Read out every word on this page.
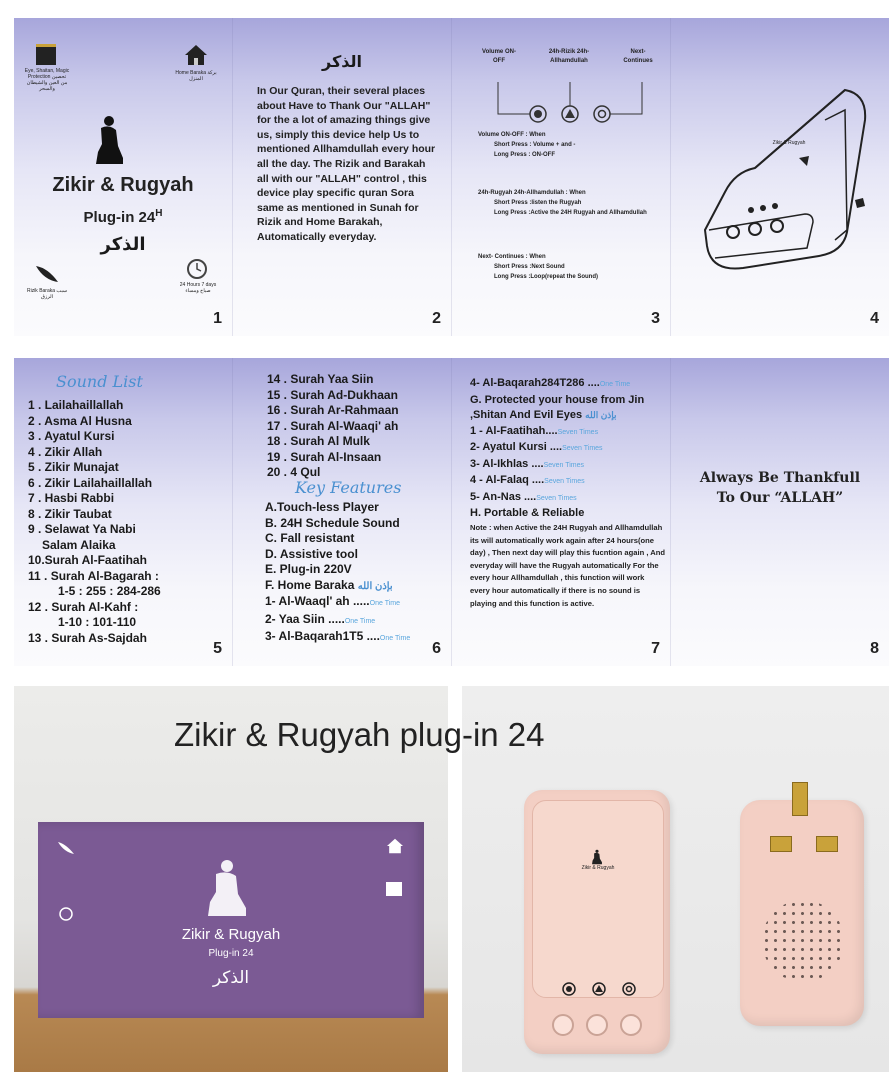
Eye, Shaitan, Magic Protection تحصين من العين والشيطان والسحر
Home Baraka بركة المنزل
Zikir & Rugyah
Plug-in $24^H$
الذكر
Rizik Baraka سبب الرزق
24 Hours 7 days صباح ومساء
1
الذكر
In Our Quran, their several places about Have to Thank Our "ALLAH" for the a lot of amazing things give us, simply this device help Us to mentioned Allhamdullah every hour all the day. The Rizik and Barakah all with our "ALLAH" control , this device play specific quran Sora same as mentioned in Sunah for Rizik and Home Barakah, Automatically everyday.
2
Volume ON-OFF
24h-Rizik 24h-Allhamdullah
Next- Continues
Volume ON-OFF : When
Short Press : Volume + and -
Long Press : ON-OFF
24h-Rugyah 24h-Allhamdullah : When
Short Press :listen the Rugyah
Long Press :Active the 24H Rugyah and Allhamdullah
Next- Continues : When
Short Press :Next Sound
Long Press :Loop(repeat the Sound)
3
Zikir & Rugyah
4
Sound List
1 . Lailahaillallah
2 . Asma Al Husna
3 . Ayatul Kursi
4 . Zikir Allah
5 . Zikir Munajat
6 . Zikir Lailahaillallah
7 . Hasbi Rabbi
8 . Zikir Taubat
9 . Selawat Ya Nabi
Salam Alaika
10.Surah Al-Faatihah
11 . Surah Al-Bagarah :
1-5 : 255 : 284-286
12 . Surah Al-Kahf :
1-10 : 101-110
13 . Surah As-Sajdah
5
14 . Surah Yaa Siin
15 . Surah Ad-Dukhaan
16 . Surah Ar-Rahmaan
17 . Surah Al-Waaqi' ah
18 . Surah Al Mulk
19 . Surah Al-Insaan
20 . 4 Qul
Key Features
A.Touch-less Player
B. 24H Schedule Sound
C. Fall resistant
D. Assistive tool
E. Plug-in 220V
F. Home Baraka بإذن الله
1- Al-Waaql' ah .....One Time
2- Yaa Siin .....One Time
3- Al-Baqarah1T5 ....One Time
6
4- Al-Baqarah284T286 ....One Time
G. Protected your house from Jin
,Shitan And Evil Eyes بإذن الله
1 - Al-Faatihah....Seven Times
2- Ayatul Kursi ....Seven Times
3- Al-Ikhlas ....Seven Times
4 - Al-Falaq ....Seven Times
5- An-Nas ....Seven Times
H. Portable & Reliable
Note : when Active the 24H Rugyah and Allhamdullah its will automatically work again after 24 hours(one day) , Then next day will play this fucntion again , And everyday will have the Rugyah automatically For the every hour Allhamdullah , this function will work every hour automatically if there is no sound is playing and this function is active.
7
Always Be Thankfull
To Our “ALLAH”
8
Zikir & Rugyah
Plug-in 24
الذكر
Zikir & Rugyah
Zikir & Rugyah plug-in 24
